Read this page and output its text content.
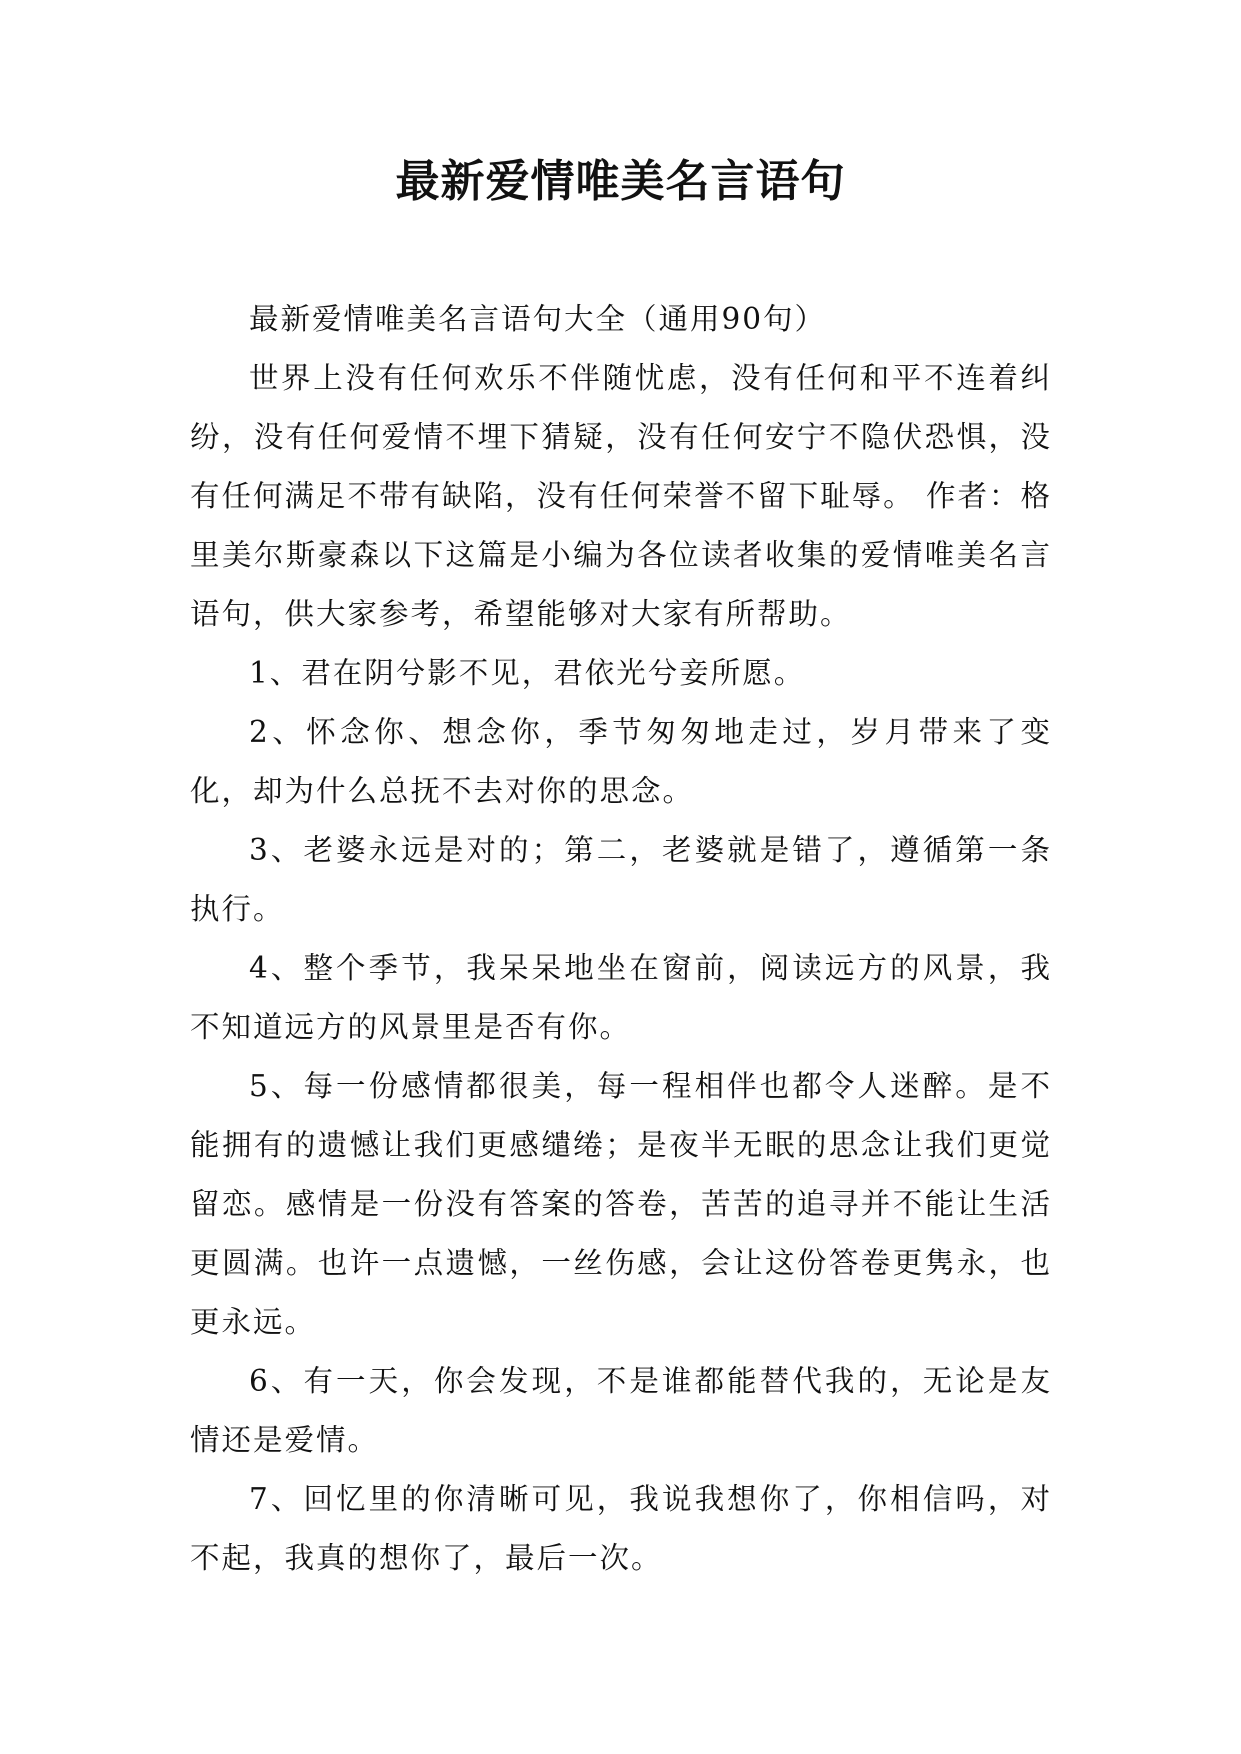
最新爱情唯美名言语句

最新爱情唯美名言语句大全（通用90句）

世界上没有任何欢乐不伴随忧虑，没有任何和平不连着纠纷，没有任何爱情不埋下猜疑，没有任何安宁不隐伏恐惧，没有任何满足不带有缺陷，没有任何荣誉不留下耻辱。 作者：格里美尔斯豪森以下这篇是小编为各位读者收集的爱情唯美名言语句，供大家参考，希望能够对大家有所帮助。

1、君在阴兮影不见，君依光兮妾所愿。

2、怀念你、想念你，季节匆匆地走过，岁月带来了变化，却为什么总抚不去对你的思念。

3、老婆永远是对的；第二，老婆就是错了，遵循第一条执行。

4、整个季节，我呆呆地坐在窗前，阅读远方的风景，我不知道远方的风景里是否有你。

5、每一份感情都很美，每一程相伴也都令人迷醉。是不能拥有的遗憾让我们更感缱绻；是夜半无眠的思念让我们更觉留恋。感情是一份没有答案的答卷，苦苦的追寻并不能让生活更圆满。也许一点遗憾，一丝伤感，会让这份答卷更隽永，也更永远。

6、有一天，你会发现，不是谁都能替代我的，无论是友情还是爱情。

7、回忆里的你清晰可见，我说我想你了，你相信吗，对不起，我真的想你了，最后一次。
